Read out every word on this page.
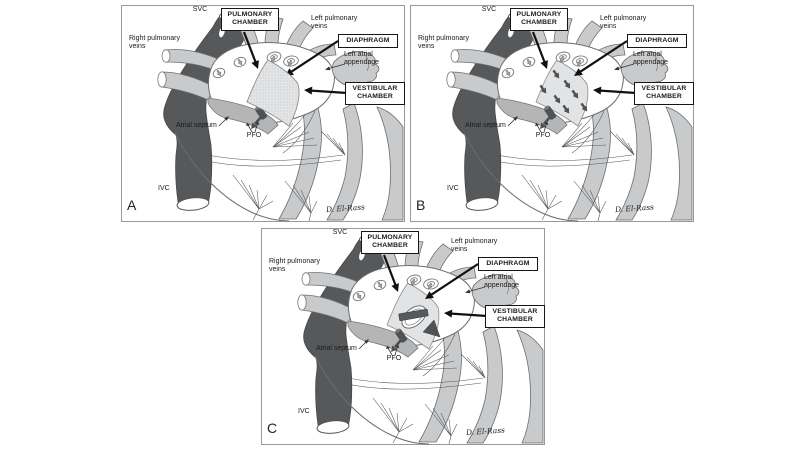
SVC
PULMONARY CHAMBER
Left pulmonary veins
DIAPHRAGM
Left atrial appendage
VESTIBULAR CHAMBER
Right pulmonary veins
Atrial septum
PFO
IVC
A	D. El-Rass
SVC
PULMONARY CHAMBER
Left pulmonary veins
DIAPHRAGM
Left atrial appendage
VESTIBULAR CHAMBER
Right pulmonary veins
Atrial septum
PFO
IVC
B	D. El-Rass
SVC
PULMONARY CHAMBER
Left pulmonary veins
DIAPHRAGM
Left atrial appendage
VESTIBULAR CHAMBER
Right pulmonary veins
Atrial septum
PFO
IVC
C	D. El-Rass
